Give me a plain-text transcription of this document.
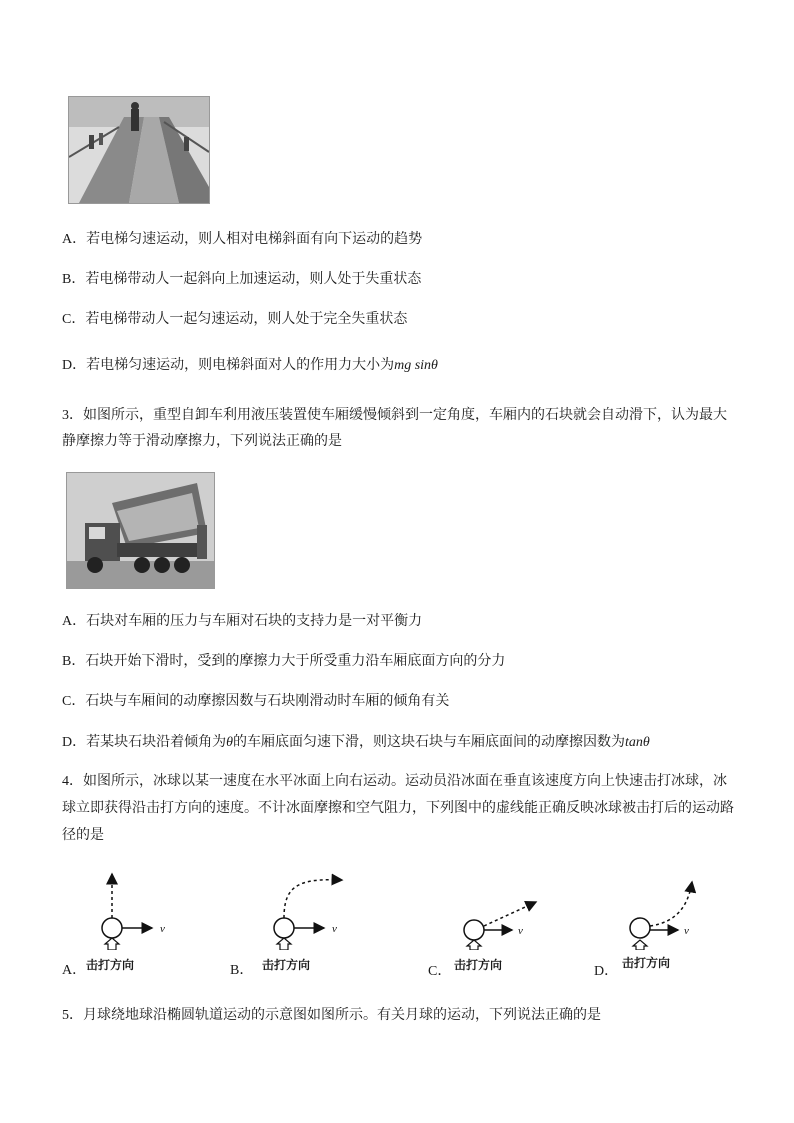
A．若电梯匀速运动，则人相对电梯斜面有向下运动的趋势
B．若电梯带动人一起斜向上加速运动，则人处于失重状态
C．若电梯带动人一起匀速运动，则人处于完全失重状态
D．若电梯匀速运动，则电梯斜面对人的作用力大小为mg sinθ
3．如图所示，重型自卸车利用液压装置使车厢缓慢倾斜到一定角度，车厢内的石块就会自动滑下，认为最大
静摩擦力等于滑动摩擦力，下列说法正确的是
A．石块对车厢的压力与车厢对石块的支持力是一对平衡力
B．石块开始下滑时，受到的摩擦力大于所受重力沿车厢底面方向的分力
C．石块与车厢间的动摩擦因数与石块刚滑动时车厢的倾角有关
D．若某块石块沿着倾角为θ的车厢底面匀速下滑，则这块石块与车厢底面间的动摩擦因数为tanθ
4．如图所示，冰球以某一速度在水平冰面上向右运动。运动员沿冰面在垂直该速度方向上快速击打冰球，冰
球立即获得沿击打方向的速度。不计冰面摩擦和空气阻力，下列图中的虚线能正确反映冰球被击打后的运动路
径的是
v
A． 击打方向
v
B． 击打方向
v
C． 击打方向
v
D．
击打方向
5．月球绕地球沿椭圆轨道运动的示意图如图所示。有关月球的运动，下列说法正确的是
